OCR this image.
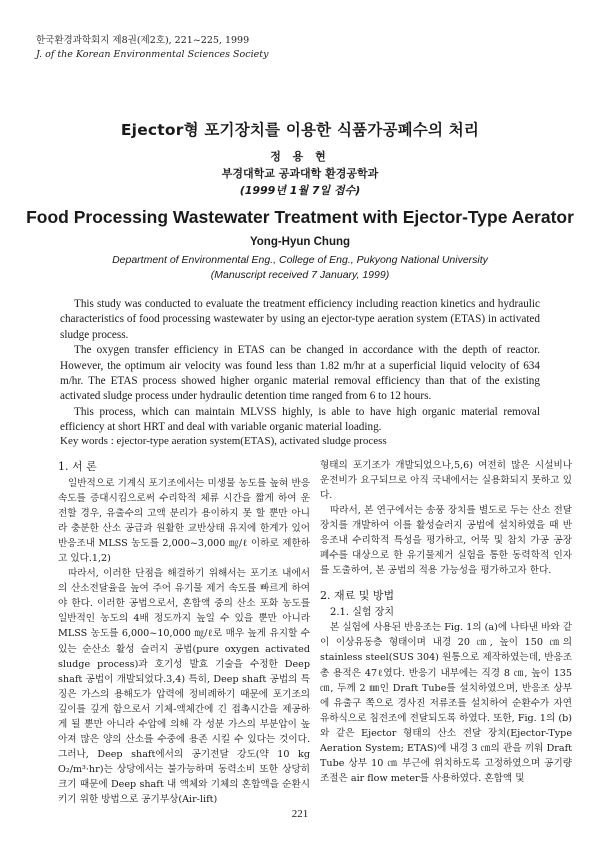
한국환경과학회지 제8권(제2호), 221~225, 1999
J. of the Korean Environmental Sciences Society
Ejector형 포기장치를 이용한 식품가공폐수의 처리
정 용 현
부경대학교 공과대학 환경공학과
(1999년 1월 7일 접수)
Food Processing Wastewater Treatment with Ejector-Type Aerator
Yong-Hyun Chung
Department of Environmental Eng., College of Eng., Pukyong National University
(Manuscript received 7 January, 1999)

This study was conducted to evaluate the treatment efficiency including reaction kinetics and hydraulic characteristics of food processing wastewater by using an ejector-type aeration system (ETAS) in activated sludge process.

The oxygen transfer efficiency in ETAS can be changed in accordance with the depth of reactor. However, the optimum air velocity was found less than 1.82 m/hr at a superficial liquid velocity of 634 m/hr. The ETAS process showed higher organic material removal efficiency than that of the existing activated sludge process under hydraulic detention time ranged from 6 to 12 hours.

This process, which can maintain MLVSS highly, is able to have high organic material removal efficiency at short HRT and deal with variable organic material loading.

Key words : ejector-type aeration system(ETAS), activated sludge process
1. 서 론

일반적으로 기계식 포기조에서는 미생물 농도를 높혀 반응속도를 증대시킴으로써 수리학적 체류 시간을 짧게 하여 운전할 경우, 유출수의 고액 분리가 용이하지 못 할 뿐만 아니라 충분한 산소 공급과 원활한 교반상태 유지에 한계가 있어 반응조내 MLSS 농도를 2,000~3,000 ㎎/ℓ 이하로 제한하고 있다.1,2)

따라서, 이러한 단점을 해결하기 위해서는 포기조 내에서의 산소전달율을 높여 주어 유기물 제거 속도를 빠르게 하여야 한다. 이러한 공법으로서, 혼합액 중의 산소 포화 농도를 일반적인 농도의 4배 정도까지 높일 수 있을 뿐만 아니라 MLSS 농도를 6,000~10,000 ㎎/ℓ로 매우 높게 유지할 수 있는 순산소 활성 슬러지 공법(pure oxygen activated sludge process)과 호기성 발효 기술을 수정한 Deep shaft 공법이 개발되었다.3,4) 특히, Deep shaft 공법의 특징은 가스의 용해도가 압력에 정비례하기 때문에 포기조의 깊이를 깊게 함으로서 기체-액체간에 긴 접촉시간을 제공하게 될 뿐만 아니라 수압에 의해 각 성분 가스의 부분압이 높아져 많은 양의 산소를 수중에 용존 시킬 수 있다는 것이다. 그러나, Deep shaft에서의 공기전달 강도(약 10 kg O₂/m³·hr)는 상당에서는 불가능하며 동력소비 또한 상당히 크기 때문에 Deep shaft 내 액체와 기체의 혼합액을 순환시키기 위한 방법으로 공기부상(Air-lift)

형태의 포기조가 개발되었으나,5,6) 여전히 많은 시설비나 운전비가 요구되므로 아직 국내에서는 실용화되지 못하고 있다.

따라서, 본 연구에서는 송풍 장치를 별도로 두는 산소 전달 장치를 개발하여 이를 활성슬러지 공법에 설치하였을 때 반응조내 수리학적 특성을 평가하고, 어묵 및 참치 가공 공장 폐수를 대상으로 한 유기물제거 실험을 통한 동력학적 인자를 도출하여, 본 공법의 적용 가능성을 평가하고자 한다.

2. 재료 및 방법
2.1. 실험 장치

본 실험에 사용된 반응조는 Fig. 1의 (a)에 나타낸 바와 같이 이상유동층 형태이며 내경 20 ㎝, 높이 150 ㎝의 stainless steel(SUS 304) 원통으로 제작하였는데, 반응조 총 용적은 47ℓ였다. 반응기 내부에는 직경 8 ㎝, 높이 135 ㎝, 두께 2 ㎜인 Draft Tube를 설치하였으며, 반응조 상부에 유출구 쪽으로 경사진 저류조를 설치하여 순환수가 자연유하식으로 침전조에 전달되도록 하였다. 또한, Fig. 1의 (b)와 같은 Ejector 형태의 산소 전달 장치(Ejector-Type Aeration System; ETAS)에 내경 3 ㎝의 관을 끼워 Draft Tube 상부 10 ㎝ 부근에 위치하도록 고정하였으며 공기량 조절은 air flow meter를 사용하였다. 혼합액 및

221
